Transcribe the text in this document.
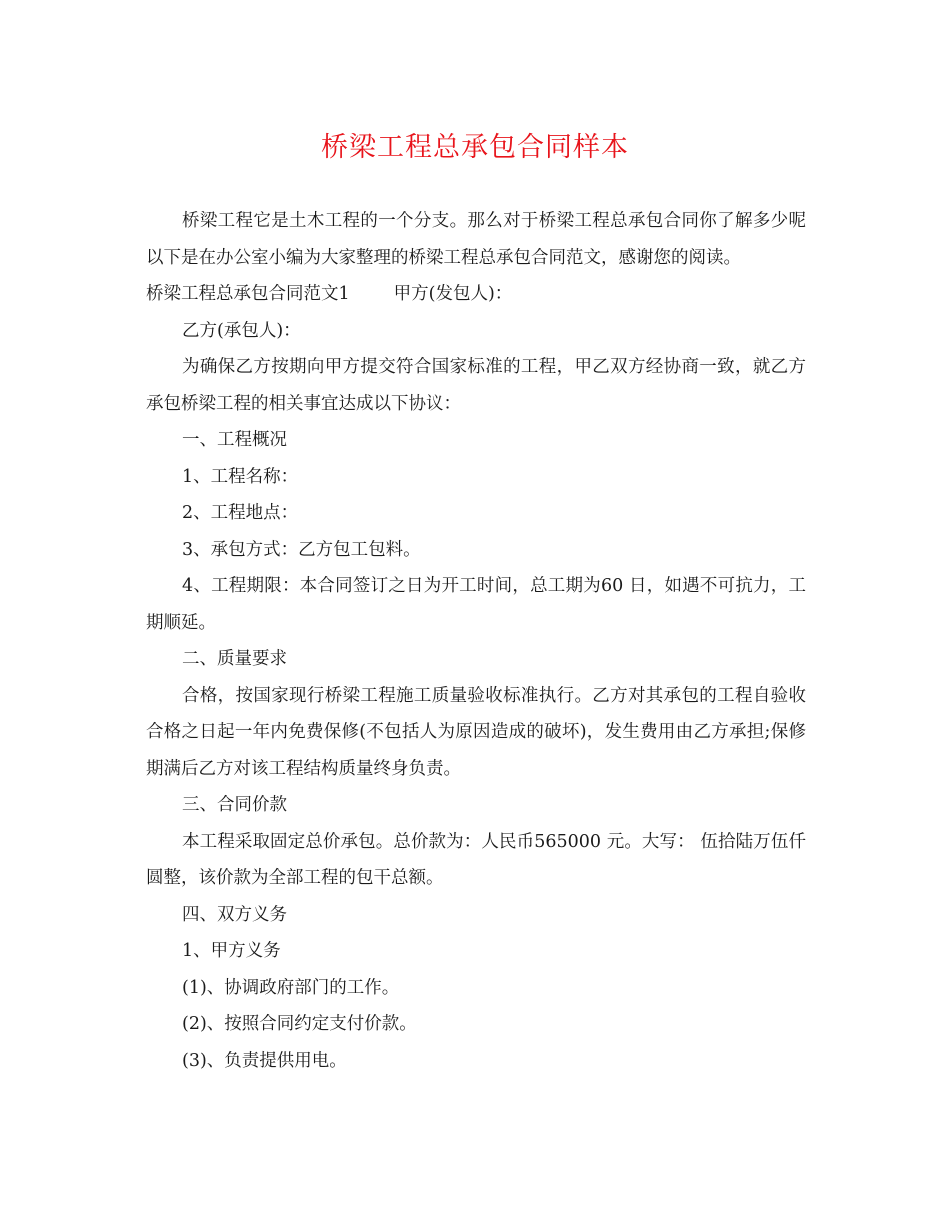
桥梁工程总承包合同样本

桥梁工程它是土木工程的一个分支。那么对于桥梁工程总承包合同你了解多少呢以下是在办公室小编为大家整理的桥梁工程总承包合同范文，感谢您的阅读。

桥梁工程总承包合同范文1	甲方(发包人)：

乙方(承包人)：

为确保乙方按期向甲方提交符合国家标准的工程，甲乙双方经协商一致，就乙方承包桥梁工程的相关事宜达成以下协议：

一、工程概况

1、工程名称：

2、工程地点：

3、承包方式：乙方包工包料。

4、工程期限：本合同签订之日为开工时间，总工期为60 日，如遇不可抗力，工期顺延。

二、质量要求

合格，按国家现行桥梁工程施工质量验收标准执行。乙方对其承包的工程自验收合格之日起一年内免费保修(不包括人为原因造成的破坏)，发生费用由乙方承担;保修期满后乙方对该工程结构质量终身负责。

三、合同价款

本工程采取固定总价承包。总价款为：人民币565000 元。大写： 伍拾陆万伍仟圆整，该价款为全部工程的包干总额。

四、双方义务

1、甲方义务

(1)、协调政府部门的工作。

(2)、按照合同约定支付价款。

(3)、负责提供用电。
